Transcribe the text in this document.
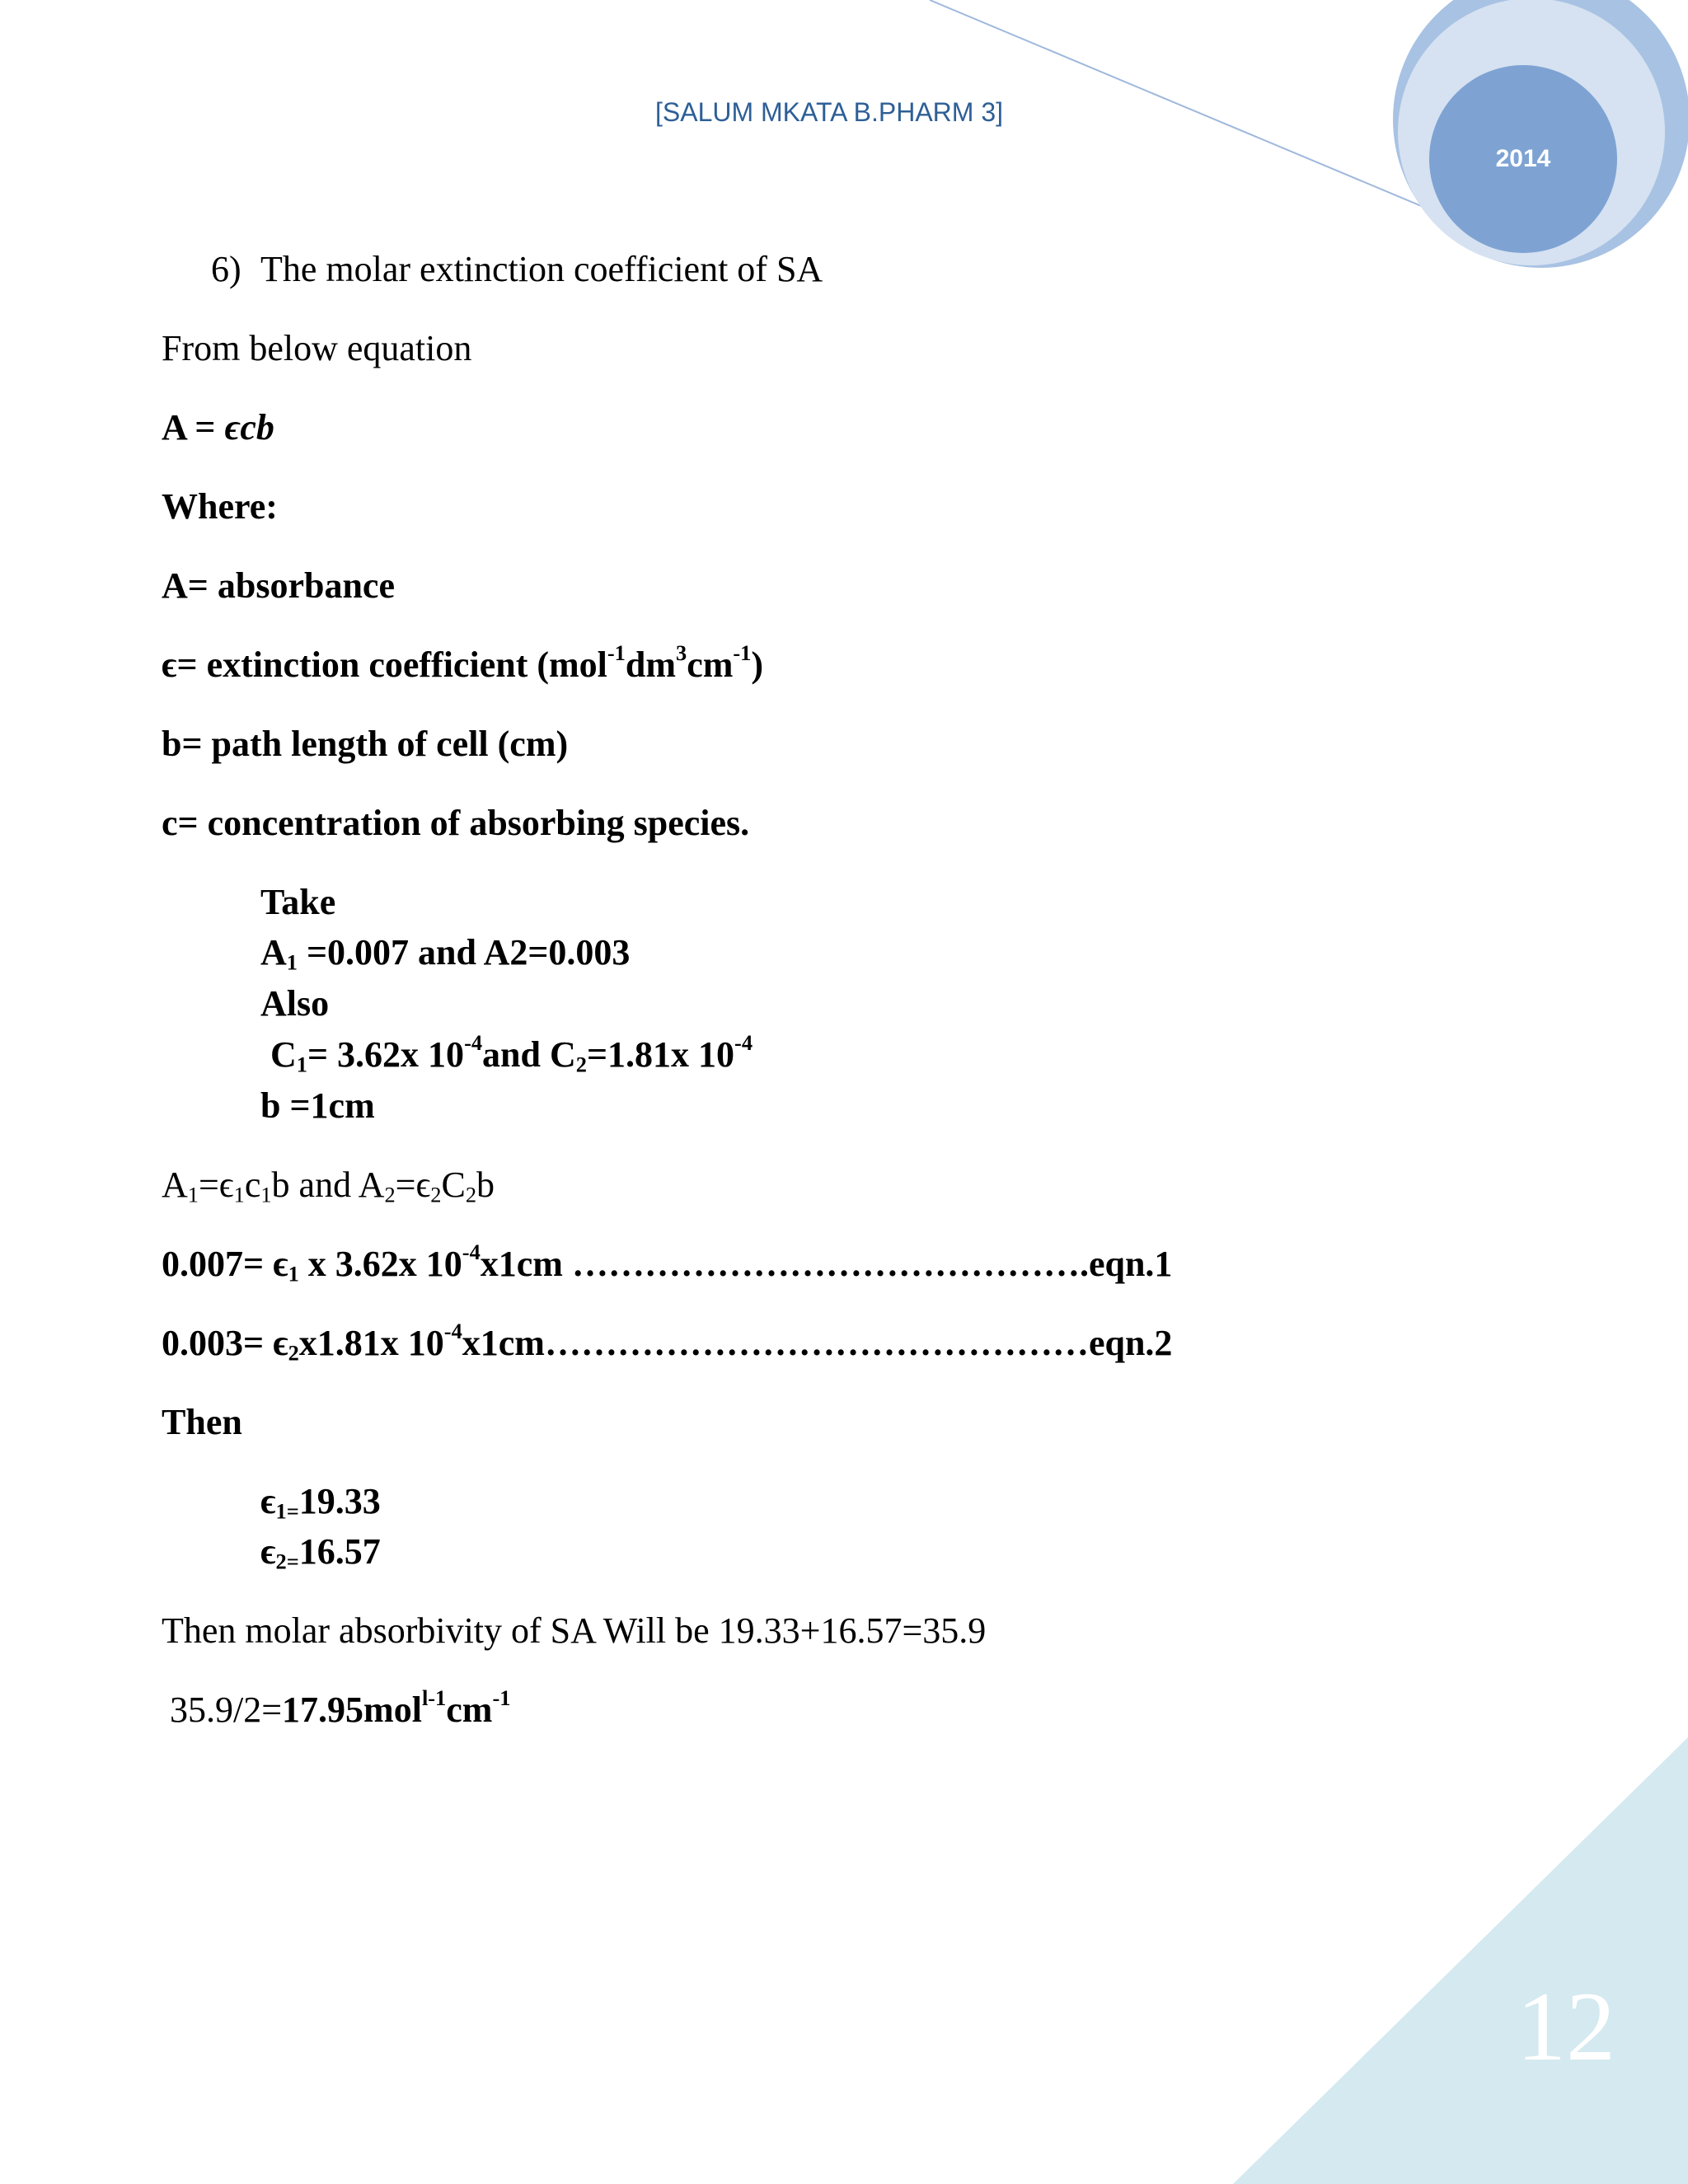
[SALUM MKATA B.PHARM 3]
2014
12
6) The molar extinction coefficient of SA
From below equation
A = ϵcb
Where:
A= absorbance
ϵ= extinction coefficient $(mol^{-1}dm^3cm^{-1})$
b= path length of cell (cm)
c= concentration of absorbing species.
Take
$A_1 =0.007$ and A2=0.003
Also
$C_1= 3.62x$ $10^{-4}and$ $C_2=1.81x$ $10^{-4}$
b =1cm
$A_1=\epsilon_1c_1b$ and $A_2=\epsilon_2C_2b$
$0.007= \epsilon_1$ x 3.62x $10^{-4}x1cm$ …………………………………….eqn.1
$0.003= \epsilon_2x1.81x$ $10^{-4}x1cm\dots\dots\dots\dots\dots\dots\dots\dots\dots\dots\dots\dots\dots\dots\dots eqn.2$
Then
$\epsilon_{1=}19.33$
$\epsilon_{2=}16.57$
Then molar absorbivity of SA Will be 19.33+16.57=35.9
$35.9/2=17.95mol^{l-1}cm^{-1}$
